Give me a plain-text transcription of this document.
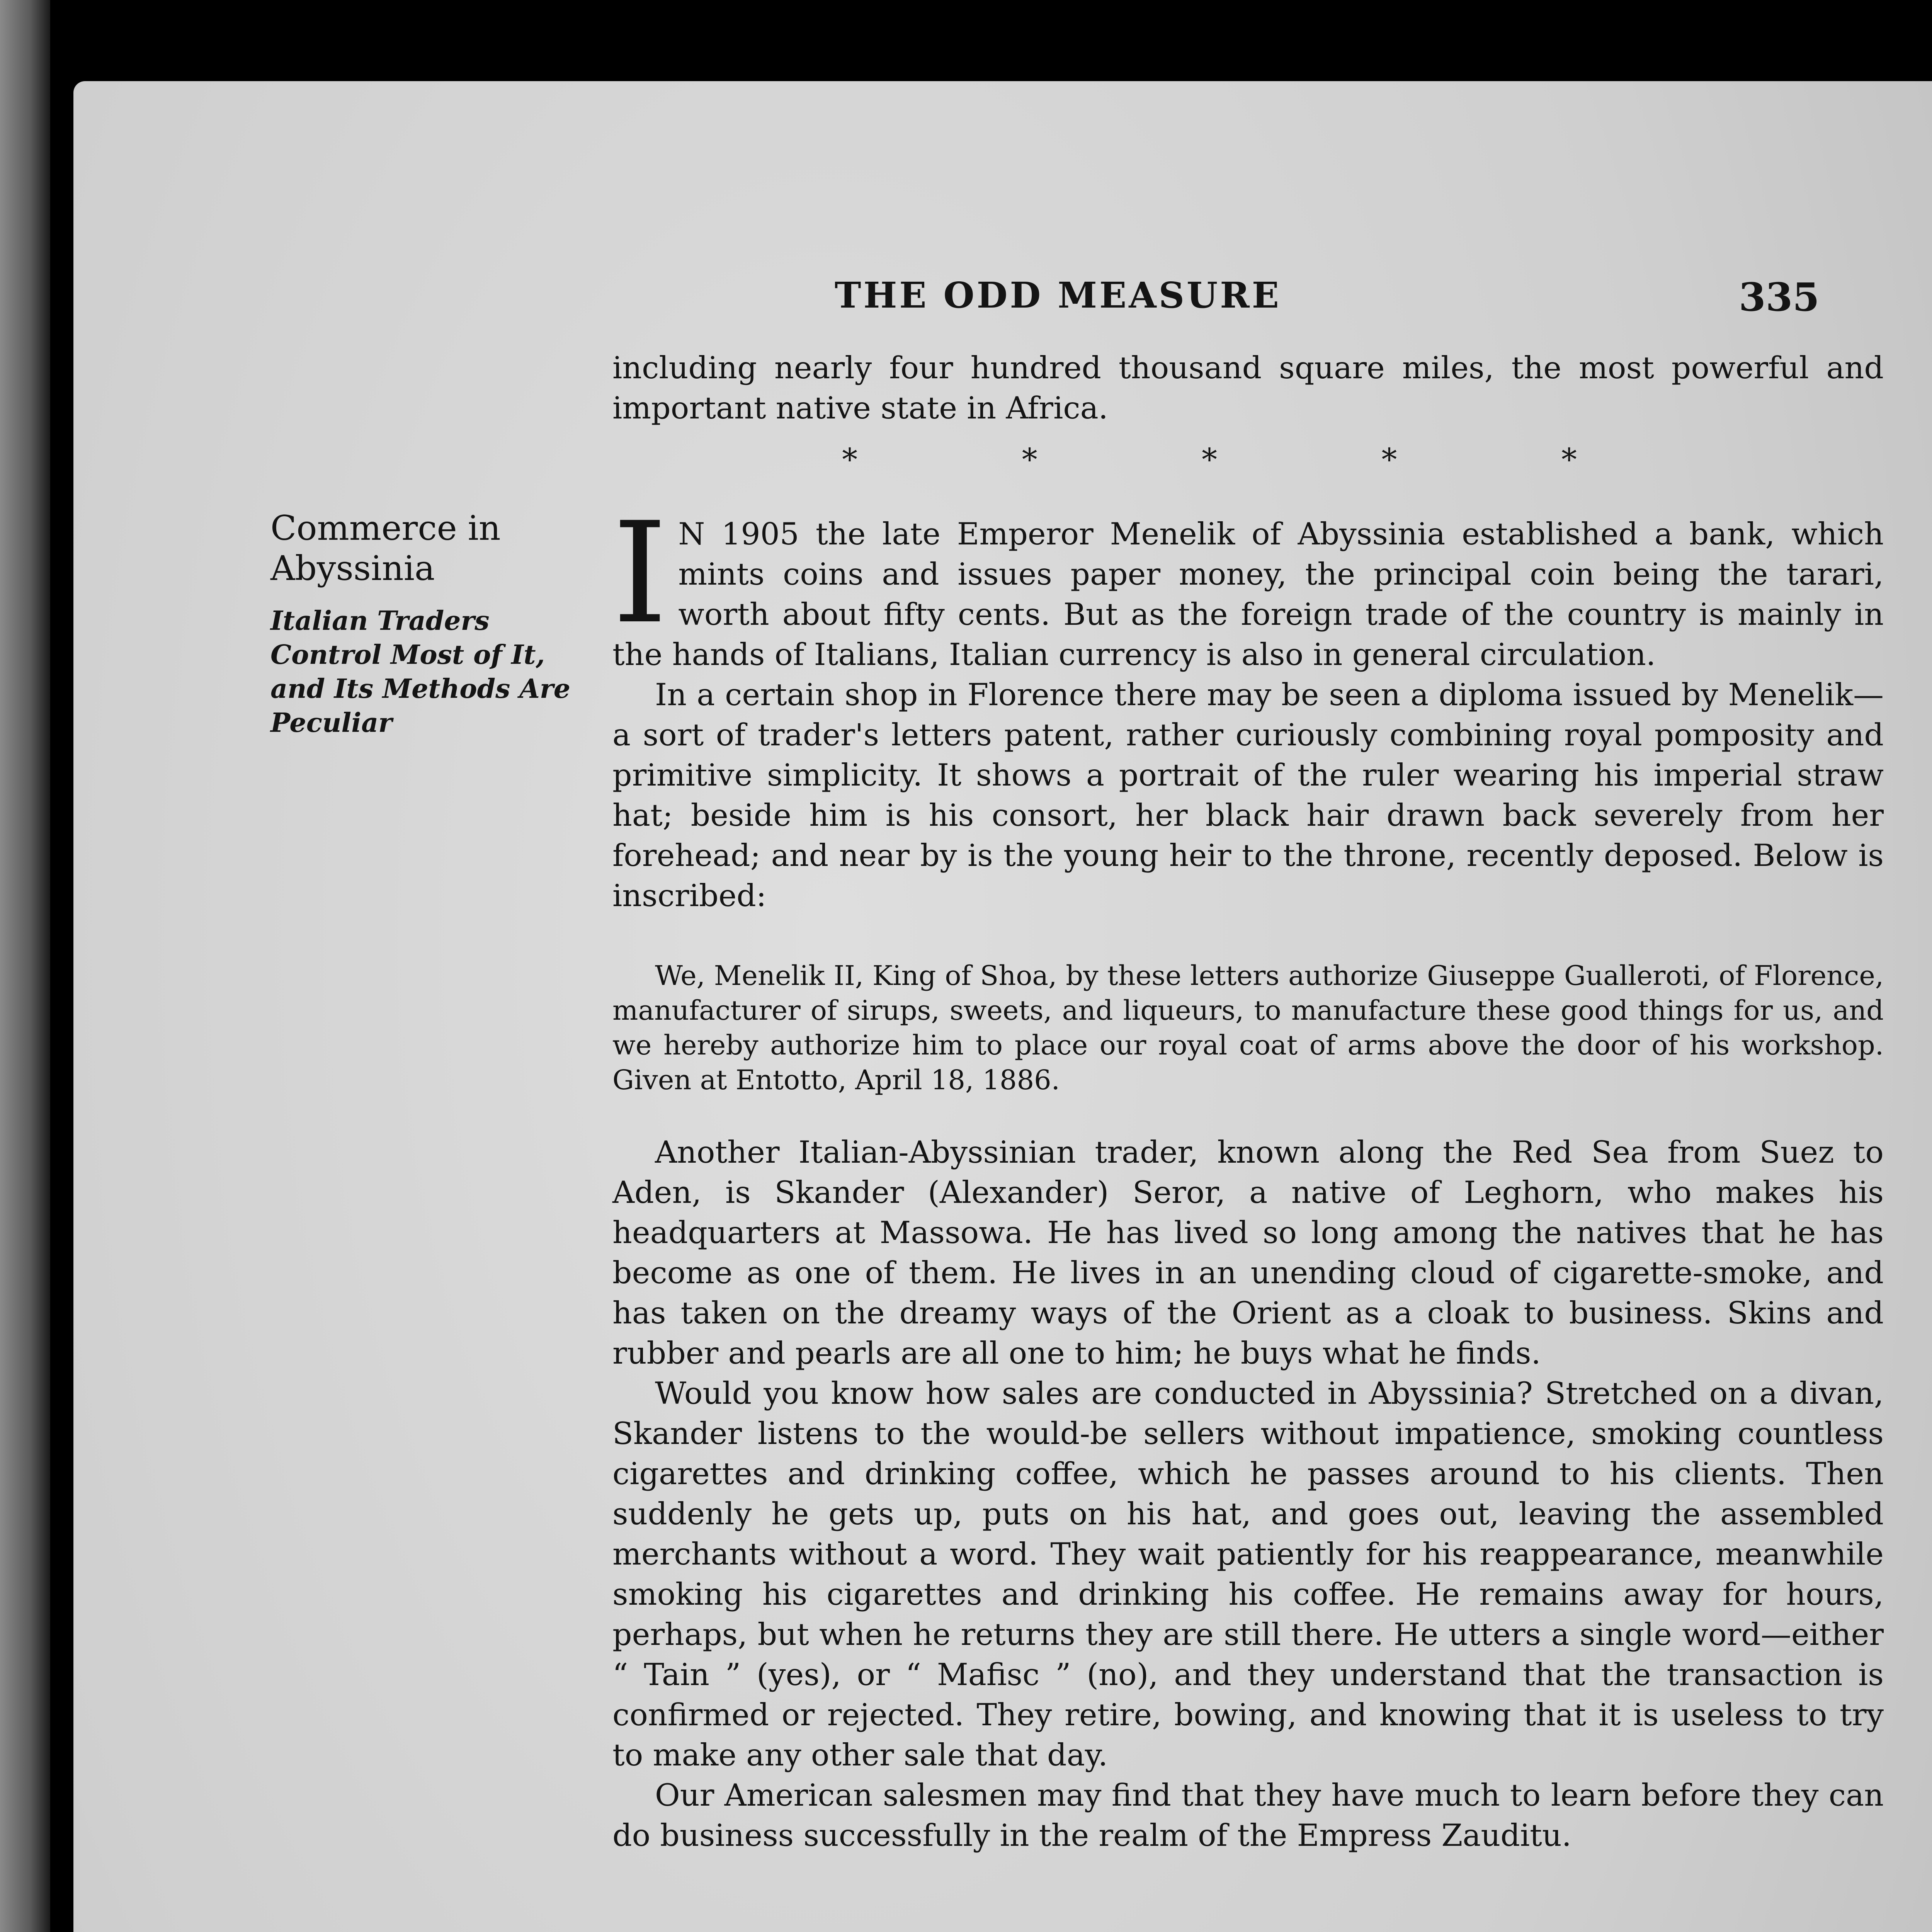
THE ODD MEASURE	335

including nearly four hundred thousand square miles, the most powerful and important native state in Africa.

* * * * *
Commerce in Abyssinia
Italian Traders Control Most of It, and Its Methods Are Peculiar

I N 1905 the late Emperor Menelik of Abyssinia established a bank, which mints coins and issues paper money, the principal coin being the tarari, worth about fifty cents. But as the foreign trade of the country is mainly in the hands of Italians, Italian currency is also in general circulation.

In a certain shop in Florence there may be seen a diploma issued by Menelik—a sort of trader's letters patent, rather curiously combining royal pomposity and primitive simplicity. It shows a portrait of the ruler wearing his imperial straw hat; beside him is his consort, her black hair drawn back severely from her forehead; and near by is the young heir to the throne, recently deposed. Below is inscribed:

We, Menelik II, King of Shoa, by these letters authorize Giuseppe Gualleroti, of Florence, manufacturer of sirups, sweets, and liqueurs, to manufacture these good things for us, and we hereby authorize him to place our royal coat of arms above the door of his workshop. Given at Entotto, April 18, 1886.

Another Italian-Abyssinian trader, known along the Red Sea from Suez to Aden, is Skander (Alexander) Seror, a native of Leghorn, who makes his headquarters at Massowa. He has lived so long among the natives that he has become as one of them. He lives in an unending cloud of cigarette-smoke, and has taken on the dreamy ways of the Orient as a cloak to business. Skins and rubber and pearls are all one to him; he buys what he finds.

Would you know how sales are conducted in Abyssinia? Stretched on a divan, Skander listens to the would-be sellers without impatience, smoking countless cigarettes and drinking coffee, which he passes around to his clients. Then suddenly he gets up, puts on his hat, and goes out, leaving the assembled merchants without a word. They wait patiently for his reappearance, meanwhile smoking his cigarettes and drinking his coffee. He remains away for hours, perhaps, but when he returns they are still there. He utters a single word—either “ Tain ” (yes), or “ Mafisc ” (no), and they understand that the transaction is confirmed or rejected. They retire, bowing, and knowing that it is useless to try to make any other sale that day.

Our American salesmen may find that they have much to learn before they can do business successfully in the realm of the Empress Zauditu.
